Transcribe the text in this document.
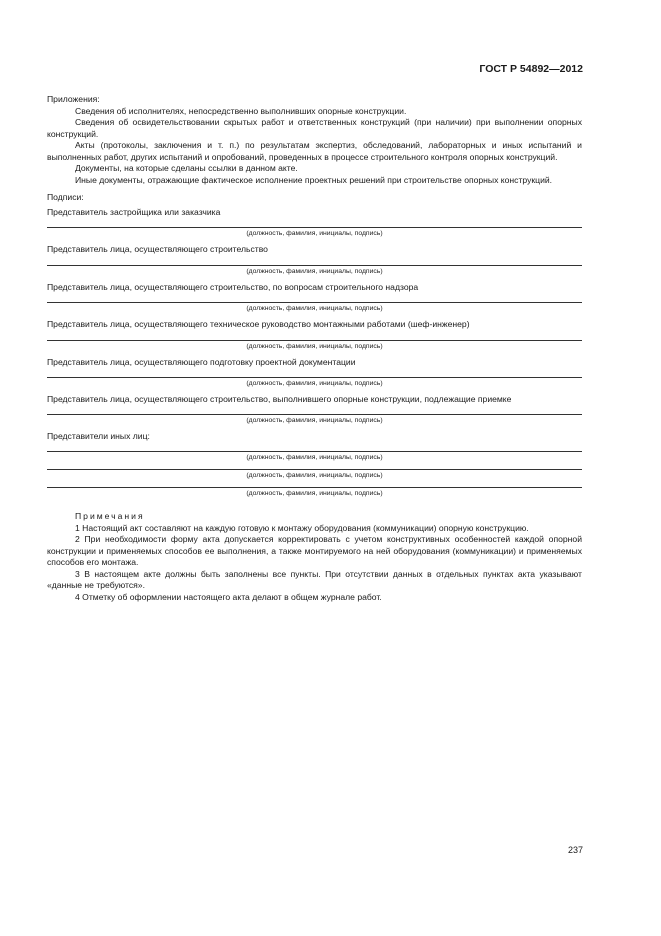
ГОСТ Р 54892—2012

Приложения:

Сведения об исполнителях, непосредственно выполнивших опорные конструкции.

Сведения об освидетельствовании скрытых работ и ответственных конструкций (при наличии) при выполнении опорных конструкций.

Акты (протоколы, заключения и т. п.) по результатам экспертиз, обследований, лабораторных и иных испытаний и выполненных работ, других испытаний и опробований, проведенных в процессе строительного контроля опорных конструкций.

Документы, на которые сделаны ссылки в данном акте.

Иные документы, отражающие фактическое исполнение проектных решений при строительстве опорных конструкций.

Подписи:

Представитель застройщика или заказчика

(должность, фамилия, инициалы, подпись)

Представитель лица, осуществляющего строительство

(должность, фамилия, инициалы, подпись)

Представитель лица, осуществляющего строительство, по вопросам строительного надзора

(должность, фамилия, инициалы, подпись)

Представитель лица, осуществляющего техническое руководство монтажными работами (шеф-инженер)

(должность, фамилия, инициалы, подпись)

Представитель лица, осуществляющего подготовку проектной документации

(должность, фамилия, инициалы, подпись)

Представитель лица, осуществляющего строительство, выполнившего опорные конструкции, подлежащие приемке

(должность, фамилия, инициалы, подпись)

Представители иных лиц:

(должность, фамилия, инициалы, подпись)

(должность, фамилия, инициалы, подпись)

(должность, фамилия, инициалы, подпись)

Примечания

1 Настоящий акт составляют на каждую готовую к монтажу оборудования (коммуникации) опорную конструкцию.

2 При необходимости форму акта допускается корректировать с учетом конструктивных особенностей каждой опорной конструкции и применяемых способов ее выполнения, а также монтируемого на ней оборудования (коммуникации) и применяемых способов его монтажа.

3 В настоящем акте должны быть заполнены все пункты. При отсутствии данных в отдельных пунктах акта указывают «данные не требуются».

4 Отметку об оформлении настоящего акта делают в общем журнале работ.

237
